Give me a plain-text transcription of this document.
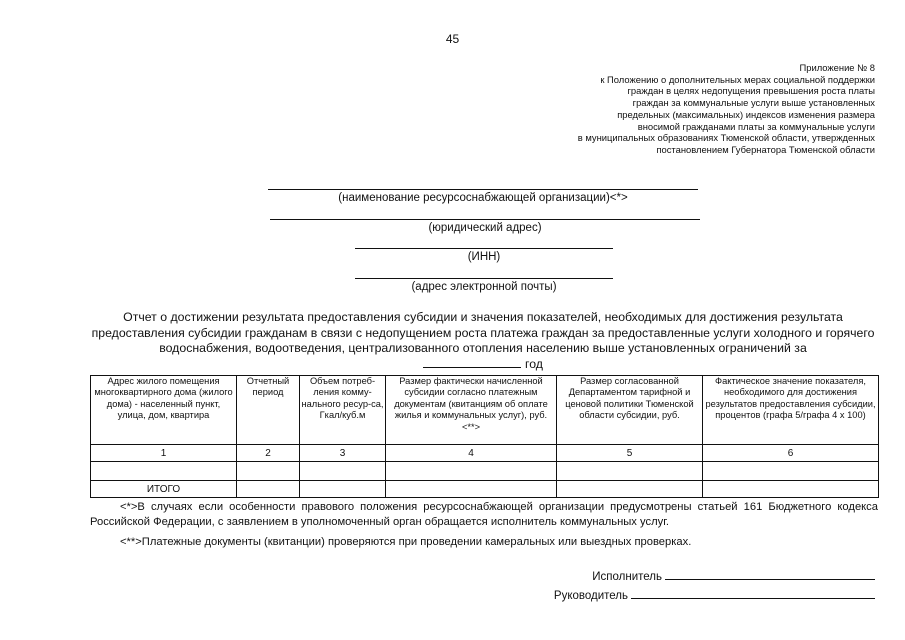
45
Приложение № 8
к Положению о дополнительных мерах социальной поддержки
граждан в целях недопущения превышения роста платы
граждан за коммунальные услуги выше установленных
предельных (максимальных) индексов изменения размера
вносимой гражданами платы за коммунальные услуги
в муниципальных образованиях Тюменской области, утвержденных
постановлением Губернатора Тюменской области
(наименование ресурсоснабжающей организации)<*>
(юридический адрес)
(ИНН)
(адрес электронной почты)
Отчет о достижении результата предоставления субсидии и значения показателей, необходимых для достижения результата предоставления субсидии гражданам в связи с недопущением роста платежа граждан за предоставленные услуги холодного и горячего водоснабжения, водоотведения, централизованного отопления населению выше установленных ограничений за
год
Адрес жилого помещения многоквартирного дома (жилого дома) - населенный пункт, улица, дом, квартира	Отчетный период	Объем потреб-ления комму-нального ресур-са, Гкал/куб.м	Размер фактически начисленной субсидии согласно платежным документам (квитанциям об оплате жилья и коммунальных услуг), руб. <**>	Размер согласованной Департаментом тарифной и ценовой политики Тюменской области субсидии, руб.	Фактическое значение показателя, необходимого для достижения результатов предоставления субсидии, процентов (графа 5/графа 4 x 100)
1	2	3	4	5	6

ИТОГО					

<*>В случаях если особенности правового положения ресурсоснабжающей организации предусмотрены статьей 161 Бюджетного кодекса Российской Федерации, с заявлением в уполномоченный орган обращается исполнитель коммунальных услуг.

<**>Платежные документы (квитанции) проверяются при проведении камеральных или выездных проверках.

Исполнитель
Руководитель
